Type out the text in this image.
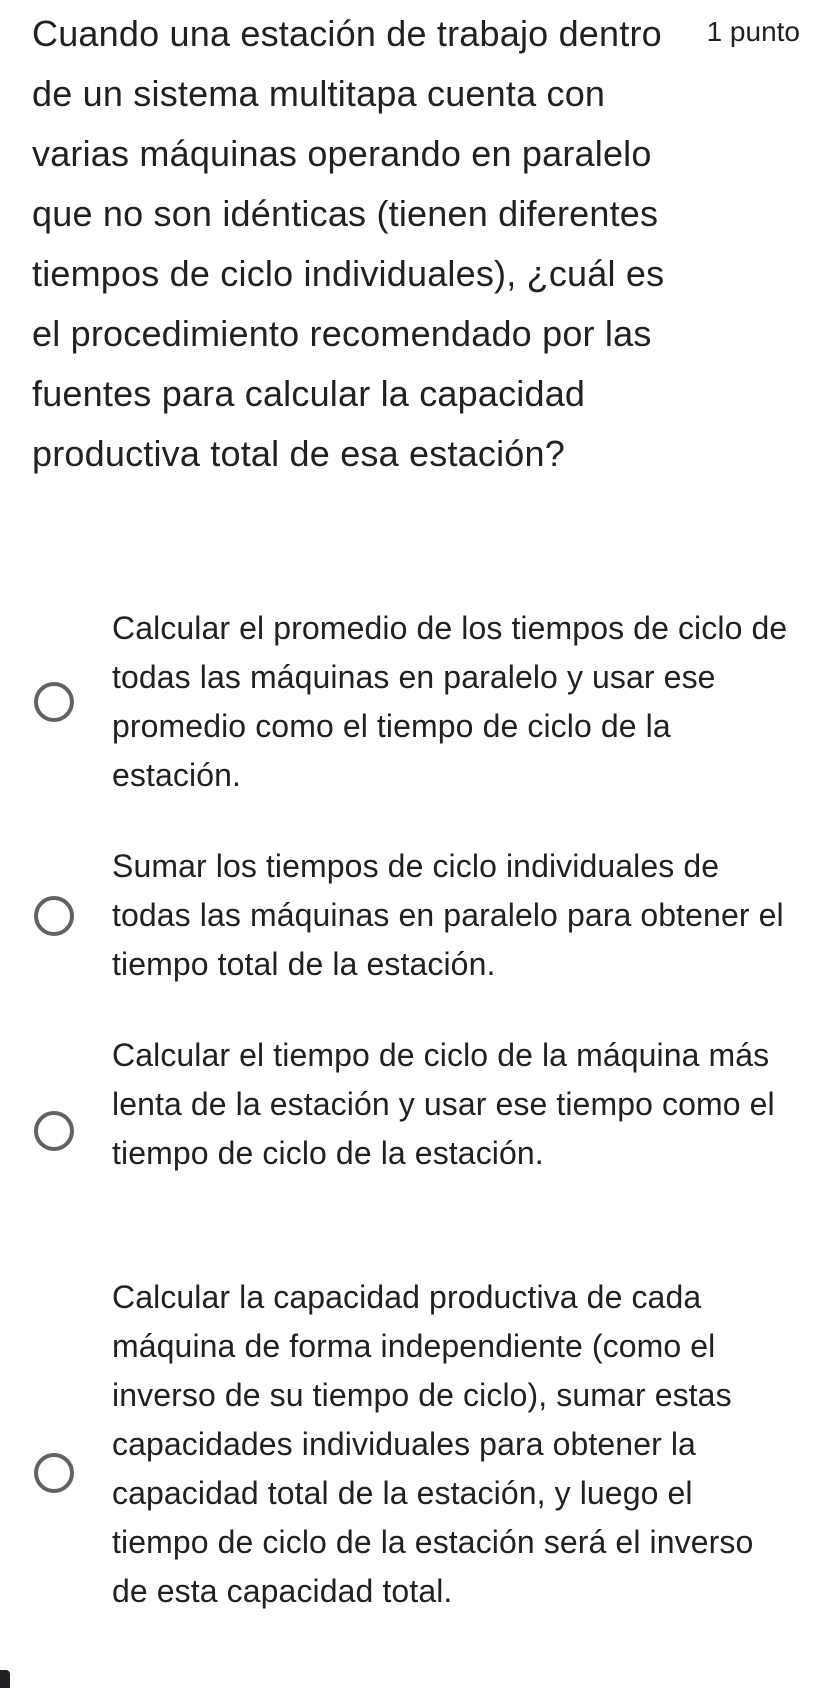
Cuando una estación de trabajo dentro de un sistema multitapa cuenta con varias máquinas operando en paralelo que no son idénticas (tienen diferentes tiempos de ciclo individuales), ¿cuál es el procedimiento recomendado por las fuentes para calcular la capacidad productiva total de esa estación?

1 punto
Calcular el promedio de los tiempos de ciclo de todas las máquinas en paralelo y usar ese promedio como el tiempo de ciclo de la estación.
Sumar los tiempos de ciclo individuales de todas las máquinas en paralelo para obtener el tiempo total de la estación.
Calcular el tiempo de ciclo de la máquina más lenta de la estación y usar ese tiempo como el tiempo de ciclo de la estación.
Calcular la capacidad productiva de cada máquina de forma independiente (como el inverso de su tiempo de ciclo), sumar estas capacidades individuales para obtener la capacidad total de la estación, y luego el tiempo de ciclo de la estación será el inverso de esta capacidad total.
